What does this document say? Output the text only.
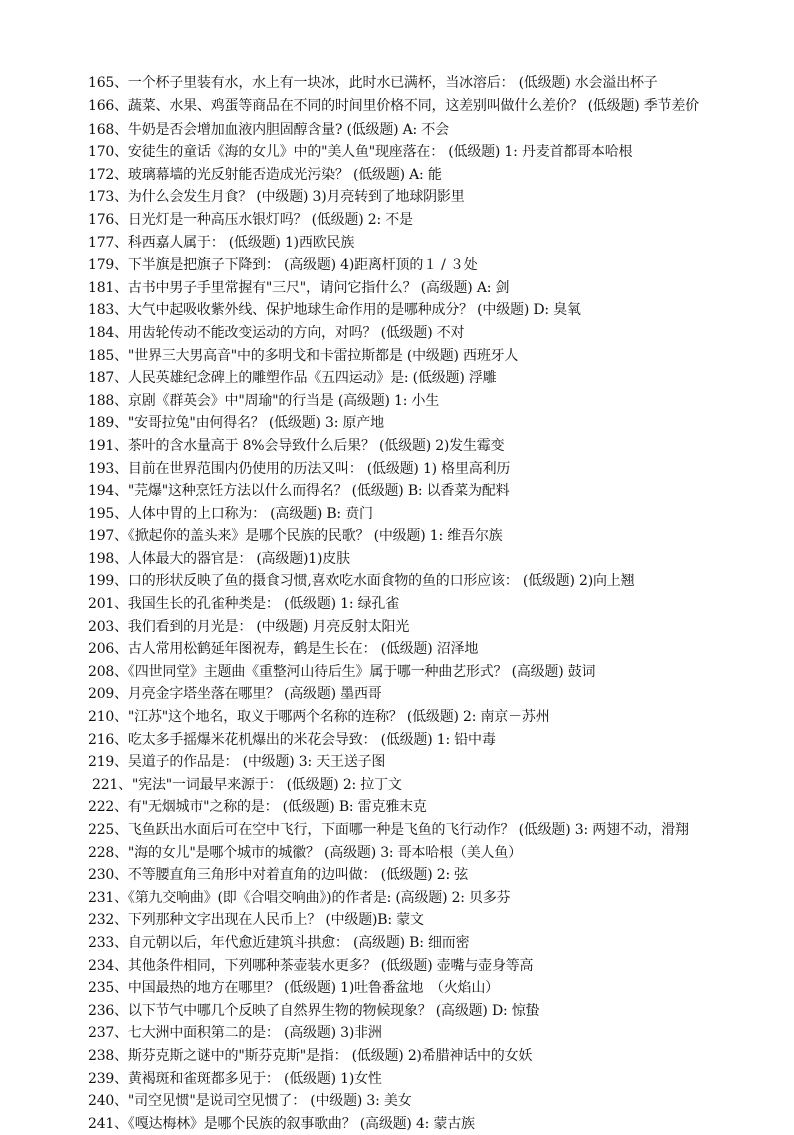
165、一个杯子里装有水，水上有一块冰，此时水已满杯，当冰溶后： (低级题) 水会溢出杯子
166、蔬菜、水果、鸡蛋等商品在不同的时间里价格不同，这差别叫做什么差价？ (低级题) 季节差价
168、牛奶是否会增加血液内胆固醇含量? (低级题) A: 不会
170、安徒生的童话《海的女儿》中的"美人鱼"现座落在： (低级题) 1: 丹麦首都哥本哈根
172、玻璃幕墙的光反射能否造成光污染？ (低级题) A: 能
173、为什么会发生月食？ (中级题) 3)月亮转到了地球阴影里
176、日光灯是一种高压水银灯吗？ (低级题) 2: 不是
177、科西嘉人属于： (低级题) 1)西欧民族
179、下半旗是把旗子下降到： (高级题) 4)距离杆顶的１ / ３处
181、古书中男子手里常握有"三尺"，请问它指什么？ (高级题) A: 剑
183、大气中起吸收紫外线、保护地球生命作用的是哪种成分？ (中级题) D: 臭氧
184、用齿轮传动不能改变运动的方向，对吗？ (低级题) 不对
185、"世界三大男高音"中的多明戈和卡雷拉斯都是 (中级题) 西班牙人
187、人民英雄纪念碑上的雕塑作品《五四运动》是: (低级题) 浮雕
188、京剧《群英会》中"周瑜"的行当是 (高级题) 1: 小生
189、"安哥拉兔"由何得名？ (低级题) 3: 原产地
191、茶叶的含水量高于 8%会导致什么后果？ (低级题) 2)发生霉变
193、目前在世界范围内仍使用的历法又叫： (低级题) 1) 格里高利历
194、"芫爆"这种烹饪方法以什么而得名？ (低级题) B: 以香菜为配料
195、人体中胃的上口称为： (高级题) B: 贲门
197、《掀起你的盖头来》是哪个民族的民歌？ (中级题) 1: 维吾尔族
198、人体最大的器官是： (高级题)1)皮肤
199、口的形状反映了鱼的摄食习惯,喜欢吃水面食物的鱼的口形应该： (低级题) 2)向上翘
201、我国生长的孔雀种类是： (低级题) 1: 绿孔雀
203、我们看到的月光是： (中级题) 月亮反射太阳光
206、古人常用松鹤延年图祝寿，鹤是生长在： (低级题) 沼泽地
208、《四世同堂》主题曲《重整河山待后生》属于哪一种曲艺形式？ (高级题) 鼓词
209、月亮金字塔坐落在哪里？ (高级题) 墨西哥
210、"江苏"这个地名，取义于哪两个名称的连称？ (低级题) 2: 南京－苏州
216、吃太多手摇爆米花机爆出的米花会导致： (低级题) 1: 铅中毒
219、吴道子的作品是： (中级题) 3: 天王送子图
221、"宪法"一词最早来源于： (低级题) 2: 拉丁文
222、有"无烟城市"之称的是： (低级题) B: 雷克雅末克
225、飞鱼跃出水面后可在空中飞行，下面哪一种是飞鱼的飞行动作？ (低级题) 3: 两翅不动，滑翔
228、"海的女儿"是哪个城市的城徽？ (高级题) 3: 哥本哈根（美人鱼）
230、不等腰直角三角形中对着直角的边叫做： (低级题) 2: 弦
231、《第九交响曲》(即《合唱交响曲》)的作者是: (高级题) 2: 贝多芬
232、下列那种文字出现在人民币上？ (中级题)B: 蒙文
233、自元朝以后，年代愈近建筑斗拱愈： (高级题) B: 细而密
234、其他条件相同，下列哪种茶壶装水更多？ (低级题) 壶嘴与壶身等高
235、中国最热的地方在哪里？ (低级题) 1)吐鲁番盆地　（火焰山）
236、以下节气中哪几个反映了自然界生物的物候现象？ (高级题) D: 惊蛰
237、七大洲中面积第二的是： (高级题) 3)非洲
238、斯芬克斯之谜中的"斯芬克斯"是指： (低级题) 2)希腊神话中的女妖
239、黄褐斑和雀斑都多见于： (低级题) 1)女性
240、"司空见惯"是说司空见惯了： (中级题) 3: 美女
241、《嘎达梅林》是哪个民族的叙事歌曲？ (高级题) 4: 蒙古族
